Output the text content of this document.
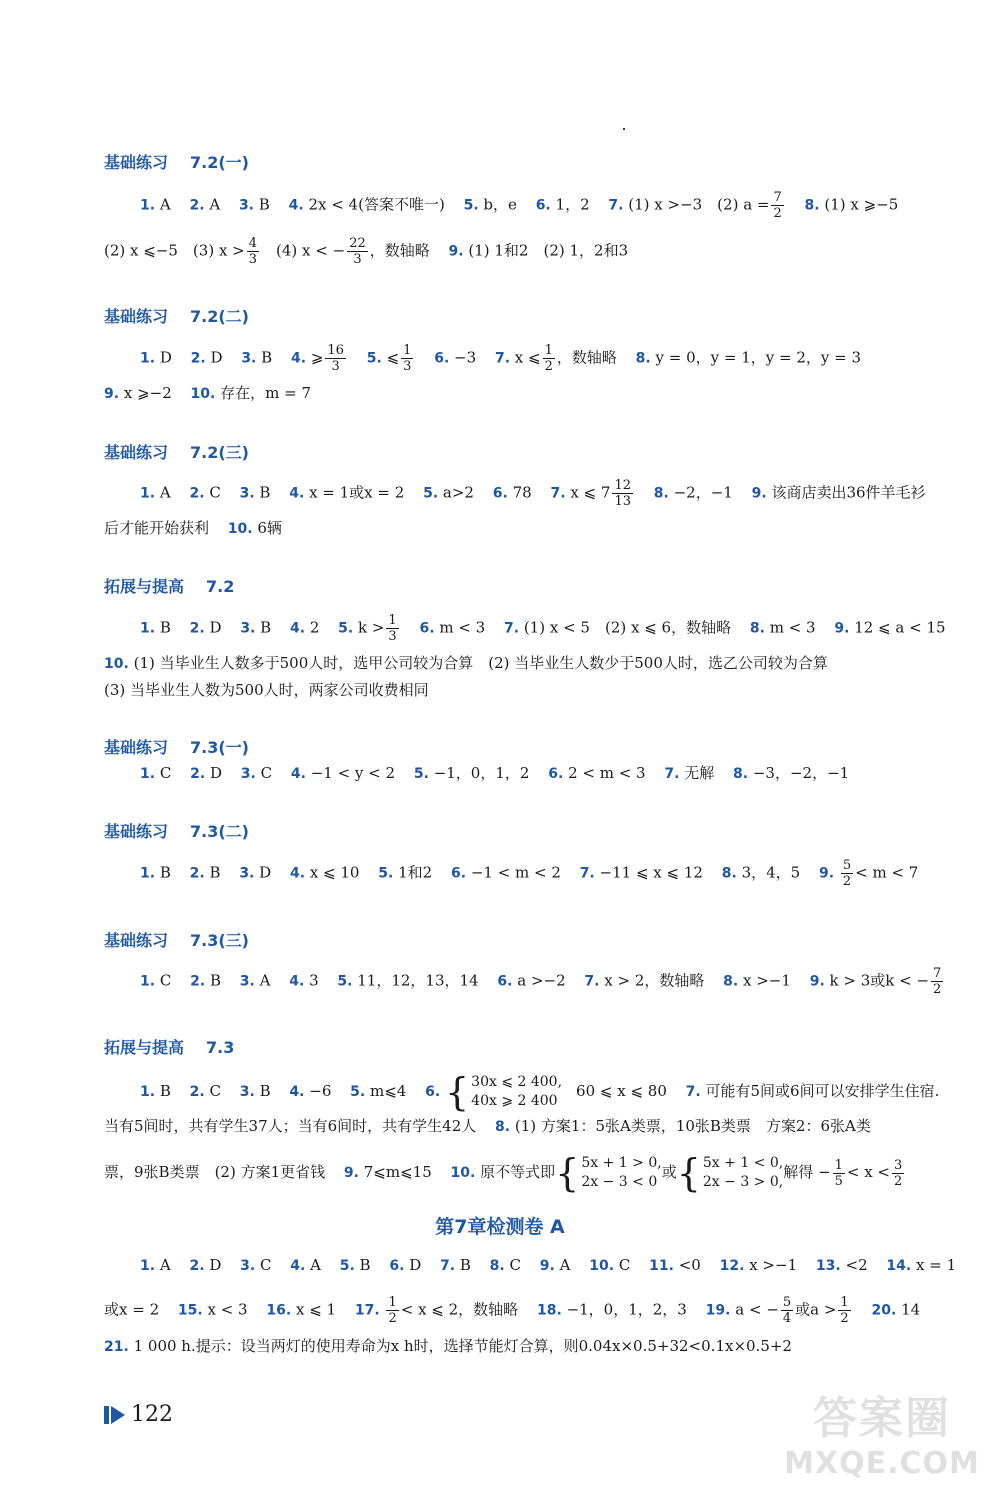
基础练习 7.2(一)
1. A 2. A 3. B 4. 2x < 4(答案不唯一) 5. b，e 6. 1，2 7. (1) x >−3　(2) $a = \frac{7}{2} 8$. (1) x ⩾−5
(2) x ⩽−5　(3) $x > \frac{4}{3}$ 　(4) x < − $\frac{22}{3}$ ，数轴略 9. (1) 1和2　(2) 1，2和3
基础练习 7.2(二)
1. D 2. D 3. B 4. ⩾ $\frac{16}{3} 5$. ⩽ $\frac{1}{3} 6$. −3 7. x ⩽ $\frac{1}{2}$ ，数轴略 8. y = 0，y = 1，y = 2，y = 3
9. x ⩾−2 10. 存在，m = 7
基础练习 7.2(三)
1. A 2. C 3. B 4. x = 1或x = 2 5. a>2 6. 78 7. x ⩽ $7 \frac{12}{13} 8$. −2，−1 9. 该商店卖出36件羊毛衫
后才能开始获利 10. 6辆
拓展与提高 7.2
1. B 2. D 3. B 4. 2 5. $k > \frac{1}{3} 6$. m < 3 7. (1) x < 5　(2) x ⩽ 6，数轴略 8. m < 3 9. 12 ⩽ a < 15
10. (1) 当毕业生人数多于500人时，选甲公司较为合算　(2) 当毕业生人数少于500人时，选乙公司较为合算
(3) 当毕业生人数为500人时，两家公司收费相同
基础练习 7.3(一)
1. C 2. D 3. C 4. −1 < y < 2 5. −1，0，1，2 6. 2 < m < 3 7. 无解 8. −3，−2，−1
基础练习 7.3(二)
1. B 2. B 3. D 4. x ⩽ 10 5. 1和2 6. −1 < m < 2 7. −11 ⩽ x ⩽ 12 8. 3，4，5 9. $\frac{5}{2} < m < 7$
基础练习 7.3(三)
1. C 2. B 3. A 4. 3 5. 11，12，13，14 6. a >−2 7. x > 2，数轴略 8. x >−1 9. k > 3或k < − $\frac{7}{2}$
拓展与提高 7.3
1. B 2. C 3. B 4. −6 5. m⩽4 6. { 30x ⩽ 2 400,
40x ⩾ 2 400
60 ⩽ x ⩽ 80 7. 可能有5间或6间可以安排学生住宿.
当有5间时，共有学生37人；当有6间时，共有学生42人 8. (1) 方案1：5张A类票，10张B类票　方案2：6张A类
票，9张B类票　(2) 方案1更省钱 9. 7⩽m⩽15 10. 原不等式即 { 5x + 1 > 0,
2x − 3 < 0
或 { 5x + 1 < 0,
2x − 3 > 0,
解得 − $\frac{1}{5} < x < \frac{3}{2}$
第7章检测卷 A
1. A 2. D 3. C 4. A 5. B 6. D 7. B 8. C 9. A 10. C 11. <0 12. x >−1 13. <2 14. x = 1
或x = 2 15. x < 3 16. x ⩽ 1 17. $\frac{1}{2} < x$ ⩽ 2，数轴略 18. −1，0，1，2，3 19. a < − $\frac{5}{4}$ 或$a > \frac{1}{2} 20$. 14
21. 1 000 h.提示：设当两灯的使用寿命为x h时，选择节能灯合算，则0.04x×0.5+32<0.1x×0.5+2
122	答案圈
MXQE.COM
